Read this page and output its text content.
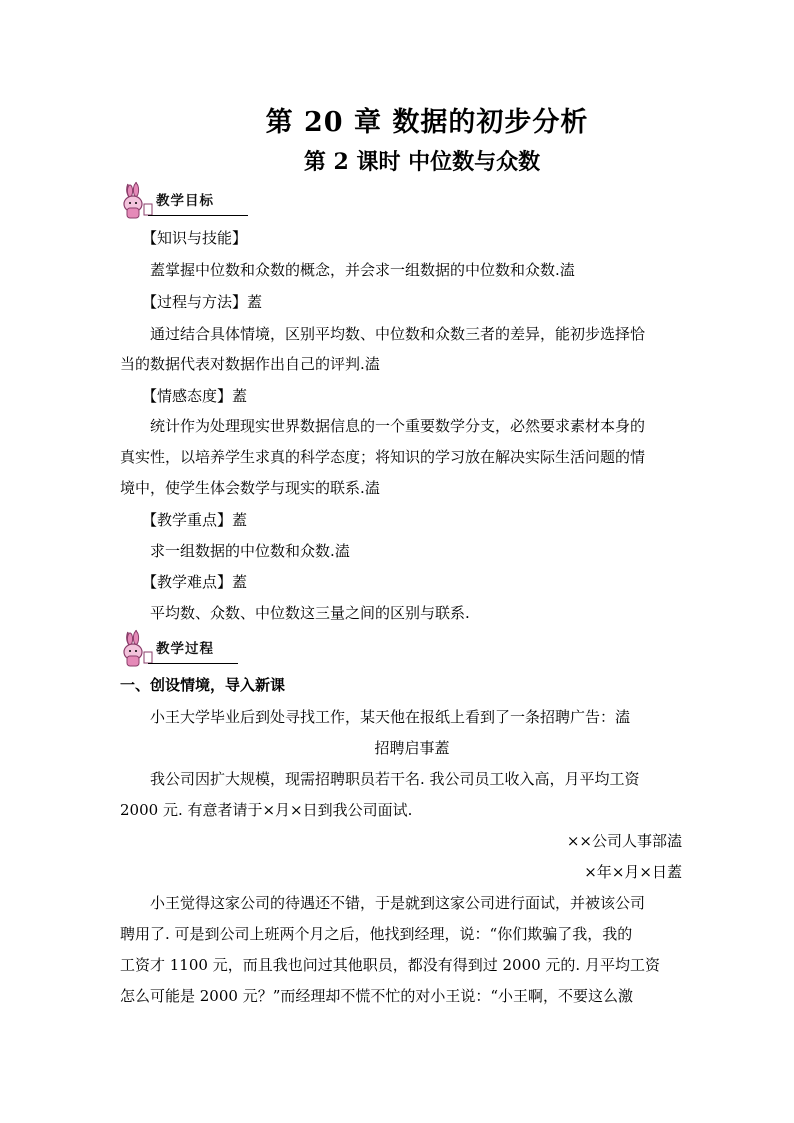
第 20 章 数据的初步分析
第 2 课时 中位数与众数
教学目标
【知识与技能】
蓋掌握中位数和众数的概念，并会求一组数据的中位数和众数.溘
【过程与方法】蓋
通过结合具体情境，区别平均数、中位数和众数三者的差异，能初步选择恰
当的数据代表对数据作出自己的评判.溘
【情感态度】蓋
统计作为处理现实世界数据信息的一个重要数学分支，必然要求素材本身的
真实性，以培养学生求真的科学态度；将知识的学习放在解决实际生活问题的情
境中，使学生体会数学与现实的联系.溘
【教学重点】蓋
求一组数据的中位数和众数.溘
【教学难点】蓋
平均数、众数、中位数这三量之间的区别与联系.
教学过程
一、创设情境，导入新课
小王大学毕业后到处寻找工作，某天他在报纸上看到了一条招聘广告：溘
招聘启事蓋
我公司因扩大规模，现需招聘职员若干名. 我公司员工收入高，月平均工资
2000 元. 有意者请于×月×日到我公司面试.
××公司人事部溘
×年×月×日蓋
小王觉得这家公司的待遇还不错，于是就到这家公司进行面试，并被该公司
聘用了. 可是到公司上班两个月之后，他找到经理，说：“你们欺骗了我，我的
工资才 1100 元，而且我也问过其他职员，都没有得到过 2000 元的. 月平均工资
怎么可能是 2000 元？”而经理却不慌不忙的对小王说：“小王啊，不要这么激
